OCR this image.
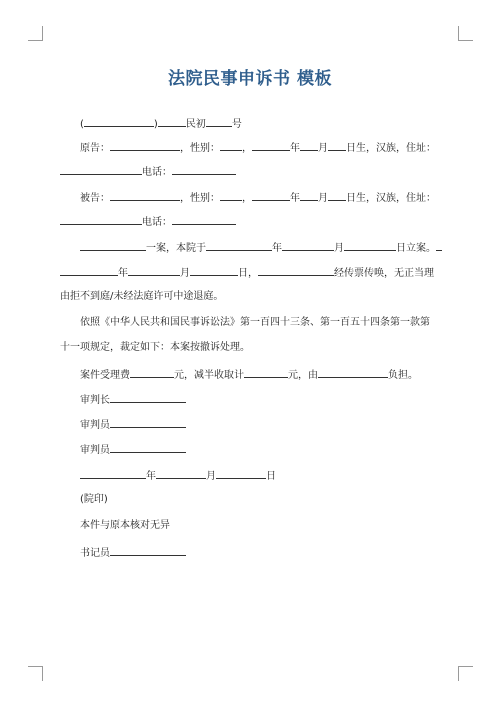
法院民事申诉书 模板
(	)	民初	号
原告：	，性别： ，	年 月 日生，汉族，住址：
电话：
被告：	，性别： ，	年 月 日生，汉族，住址：
电话：
一案，本院于	年	月	日立案。
年	月	日，	经传票传唤，无正当理
由拒不到庭/未经法庭许可中途退庭。
依照《中华人民共和国民事诉讼法》第一百四十三条、第一百五十四条第一款第
十一项规定，裁定如下：本案按撤诉处理。
案件受理费	元，减半收取计	元，由	负担。
审判长
审判员
审判员
年	月	日
(院印)
本件与原本核对无异
书记员
